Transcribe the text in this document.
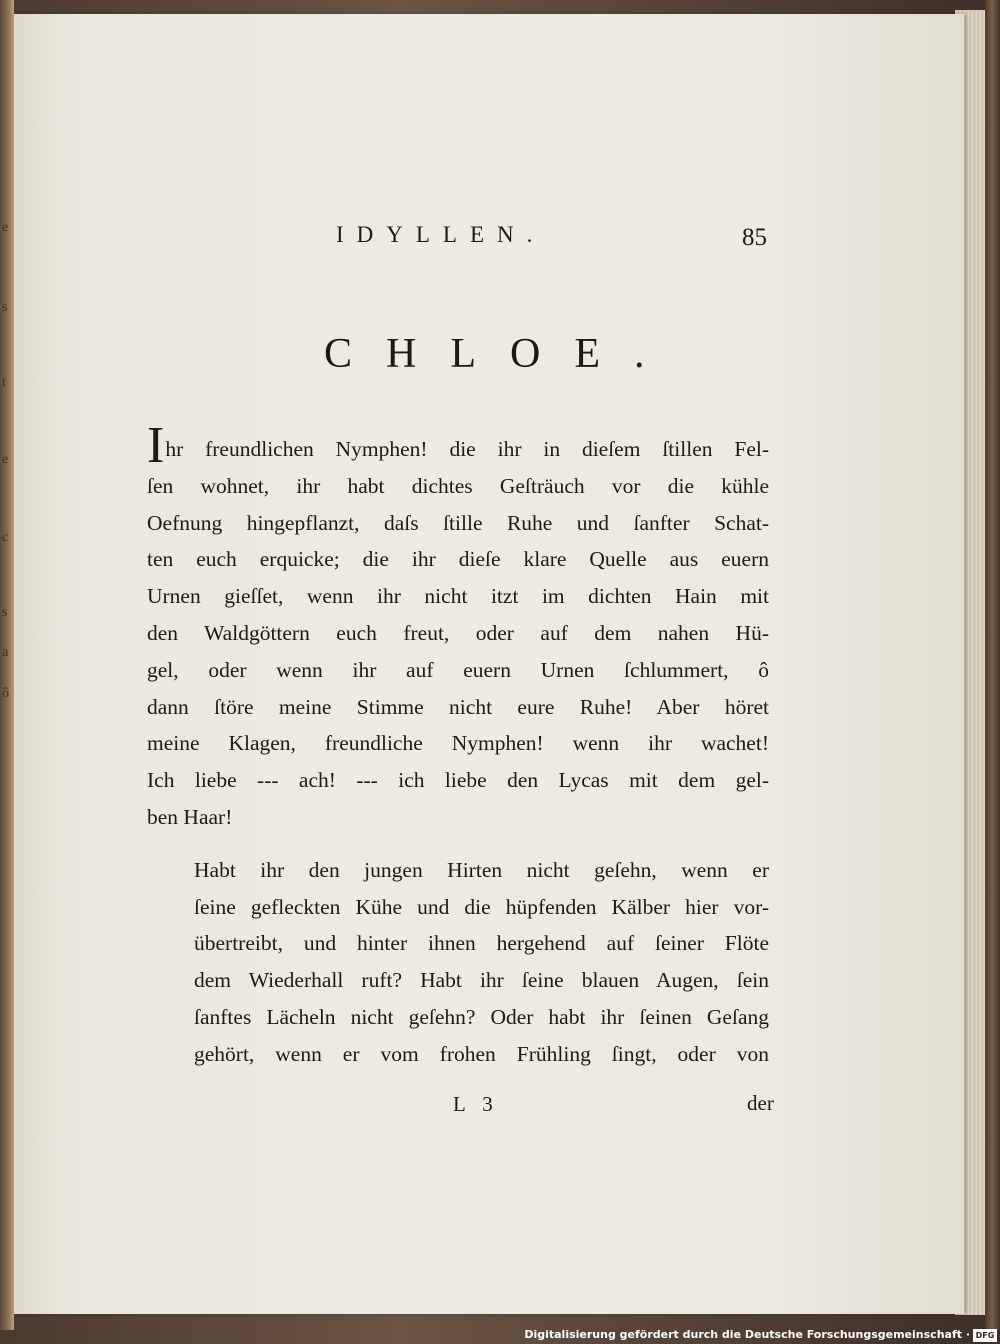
e
s
t
e
c
s
a
ô
IDYLLEN.	85
CHLOE.

Ihr freundlichen Nymphen! die ihr in dieſem ſtillen Fel-
ſen wohnet, ihr habt dichtes Geſträuch vor die kühle
Oefnung hingepflanzt, daſs ſtille Ruhe und ſanfter Schat-
ten euch erquicke; die ihr dieſe klare Quelle aus euern
Urnen gieſſet, wenn ihr nicht itzt im dichten Hain mit
den Waldgöttern euch freut, oder auf dem nahen Hü-
gel, oder wenn ihr auf euern Urnen ſchlummert, ô
dann ſtöre meine Stimme nicht eure Ruhe! Aber höret
meine Klagen, freundliche Nymphen! wenn ihr wachet!
Ich liebe --- ach! --- ich liebe den Lycas mit dem gel-
ben Haar!

Habt ihr den jungen Hirten nicht geſehn, wenn er
ſeine gefleckten Kühe und die hüpfenden Kälber hier vor-
übertreibt, und hinter ihnen hergehend auf ſeiner Flöte
dem Wiederhall ruft? Habt ihr ſeine blauen Augen, ſein
ſanftes Lächeln nicht geſehn? Oder habt ihr ſeinen Geſang
gehört, wenn er vom frohen Frühling ſingt, oder von

L 3	der
Digitalisierung gefördert durch die Deutsche Forschungsgemeinschaft · DFG
